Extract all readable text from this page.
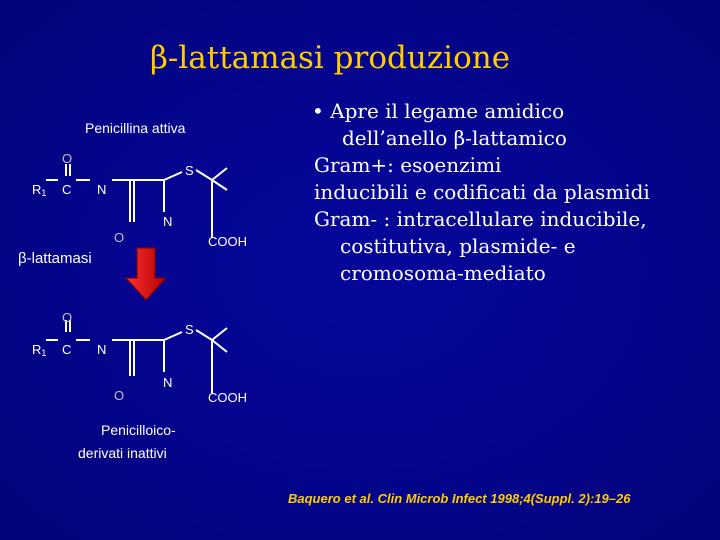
β-lattamasi produzione
Penicillina attiva
O
$R_1$ C N
S
N
O	COOH
β-lattamasi
O
$R_1$ C N
S
N
O	COOH
Penicilloico-
derivati inattivi
• Apre il legame amidico
dell’anello β-lattamico
Gram+: esoenzimi
inducibili e codificati da plasmidi
Gram- : intracellulare inducibile,
costitutiva, plasmide- e
cromosoma-mediato
Baquero et al. Clin Microb Infect 1998;4(Suppl. 2):19–26
